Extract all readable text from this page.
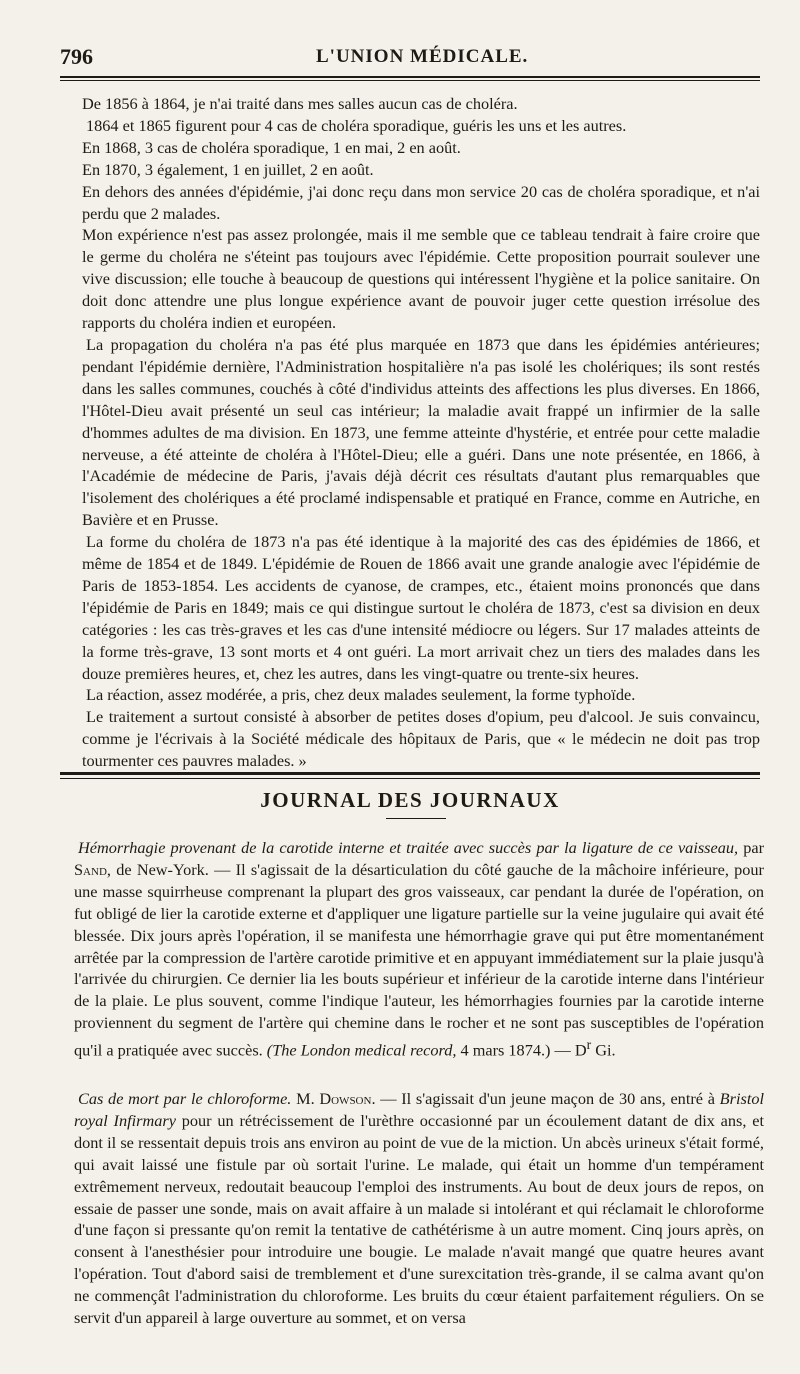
796	L'UNION MÉDICALE.

De 1856 à 1864, je n'ai traité dans mes salles aucun cas de choléra.

1864 et 1865 figurent pour 4 cas de choléra sporadique, guéris les uns et les autres.

En 1868, 3 cas de choléra sporadique, 1 en mai, 2 en août.

En 1870, 3 également, 1 en juillet, 2 en août.

En dehors des années d'épidémie, j'ai donc reçu dans mon service 20 cas de choléra sporadique, et n'ai perdu que 2 malades.

Mon expérience n'est pas assez prolongée, mais il me semble que ce tableau tendrait à faire croire que le germe du choléra ne s'éteint pas toujours avec l'épidémie. Cette proposition pourrait soulever une vive discussion; elle touche à beaucoup de questions qui intéressent l'hygiène et la police sanitaire. On doit donc attendre une plus longue expérience avant de pouvoir juger cette question irrésolue des rapports du choléra indien et européen.

La propagation du choléra n'a pas été plus marquée en 1873 que dans les épidémies antérieures; pendant l'épidémie dernière, l'Administration hospitalière n'a pas isolé les cholériques; ils sont restés dans les salles communes, couchés à côté d'individus atteints des affections les plus diverses. En 1866, l'Hôtel-Dieu avait présenté un seul cas intérieur; la maladie avait frappé un infirmier de la salle d'hommes adultes de ma division. En 1873, une femme atteinte d'hystérie, et entrée pour cette maladie nerveuse, a été atteinte de choléra à l'Hôtel-Dieu; elle a guéri. Dans une note présentée, en 1866, à l'Académie de médecine de Paris, j'avais déjà décrit ces résultats d'autant plus remarquables que l'isolement des cholériques a été proclamé indispensable et pratiqué en France, comme en Autriche, en Bavière et en Prusse.

La forme du choléra de 1873 n'a pas été identique à la majorité des cas des épidémies de 1866, et même de 1854 et de 1849. L'épidémie de Rouen de 1866 avait une grande analogie avec l'épidémie de Paris de 1853-1854. Les accidents de cyanose, de crampes, etc., étaient moins prononcés que dans l'épidémie de Paris en 1849; mais ce qui distingue surtout le choléra de 1873, c'est sa division en deux catégories : les cas très-graves et les cas d'une intensité médiocre ou légers. Sur 17 malades atteints de la forme très-grave, 13 sont morts et 4 ont guéri. La mort arrivait chez un tiers des malades dans les douze premières heures, et, chez les autres, dans les vingt-quatre ou trente-six heures.

La réaction, assez modérée, a pris, chez deux malades seulement, la forme typhoïde.

Le traitement a surtout consisté à absorber de petites doses d'opium, peu d'alcool. Je suis convaincu, comme je l'écrivais à la Société médicale des hôpitaux de Paris, que « le médecin ne doit pas trop tourmenter ces pauvres malades. »

JOURNAL DES JOURNAUX

Hémorrhagie provenant de la carotide interne et traitée avec succès par la ligature de ce vaisseau, par Sand, de New-York. — Il s'agissait de la désarticulation du côté gauche de la mâchoire inférieure, pour une masse squirrheuse comprenant la plupart des gros vaisseaux, car pendant la durée de l'opération, on fut obligé de lier la carotide externe et d'appliquer une ligature partielle sur la veine jugulaire qui avait été blessée. Dix jours après l'opération, il se manifesta une hémorrhagie grave qui put être momentanément arrêtée par la compression de l'artère carotide primitive et en appuyant immédiatement sur la plaie jusqu'à l'arrivée du chirurgien. Ce dernier lia les bouts supérieur et inférieur de la carotide interne dans l'intérieur de la plaie. Le plus souvent, comme l'indique l'auteur, les hémorrhagies fournies par la carotide interne proviennent du segment de l'artère qui chemine dans le rocher et ne sont pas susceptibles de l'opération qu'il a pratiquée avec succès. (The London medical record, 4 mars 1874.) — $D^r$ Gi.

Cas de mort par le chloroforme. M. Dowson. — Il s'agissait d'un jeune maçon de 30 ans, entré à Bristol royal Infirmary pour un rétrécissement de l'urèthre occasionné par un écoulement datant de dix ans, et dont il se ressentait depuis trois ans environ au point de vue de la miction. Un abcès urineux s'était formé, qui avait laissé une fistule par où sortait l'urine. Le malade, qui était un homme d'un tempérament extrêmement nerveux, redoutait beaucoup l'emploi des instruments. Au bout de deux jours de repos, on essaie de passer une sonde, mais on avait affaire à un malade si intolérant et qui réclamait le chloroforme d'une façon si pressante qu'on remit la tentative de cathétérisme à un autre moment. Cinq jours après, on consent à l'anesthésier pour introduire une bougie. Le malade n'avait mangé que quatre heures avant l'opération. Tout d'abord saisi de tremblement et d'une surexcitation très-grande, il se calma avant qu'on ne commençât l'administration du chloroforme. Les bruits du cœur étaient parfaitement réguliers. On se servit d'un appareil à large ouverture au sommet, et on versa
